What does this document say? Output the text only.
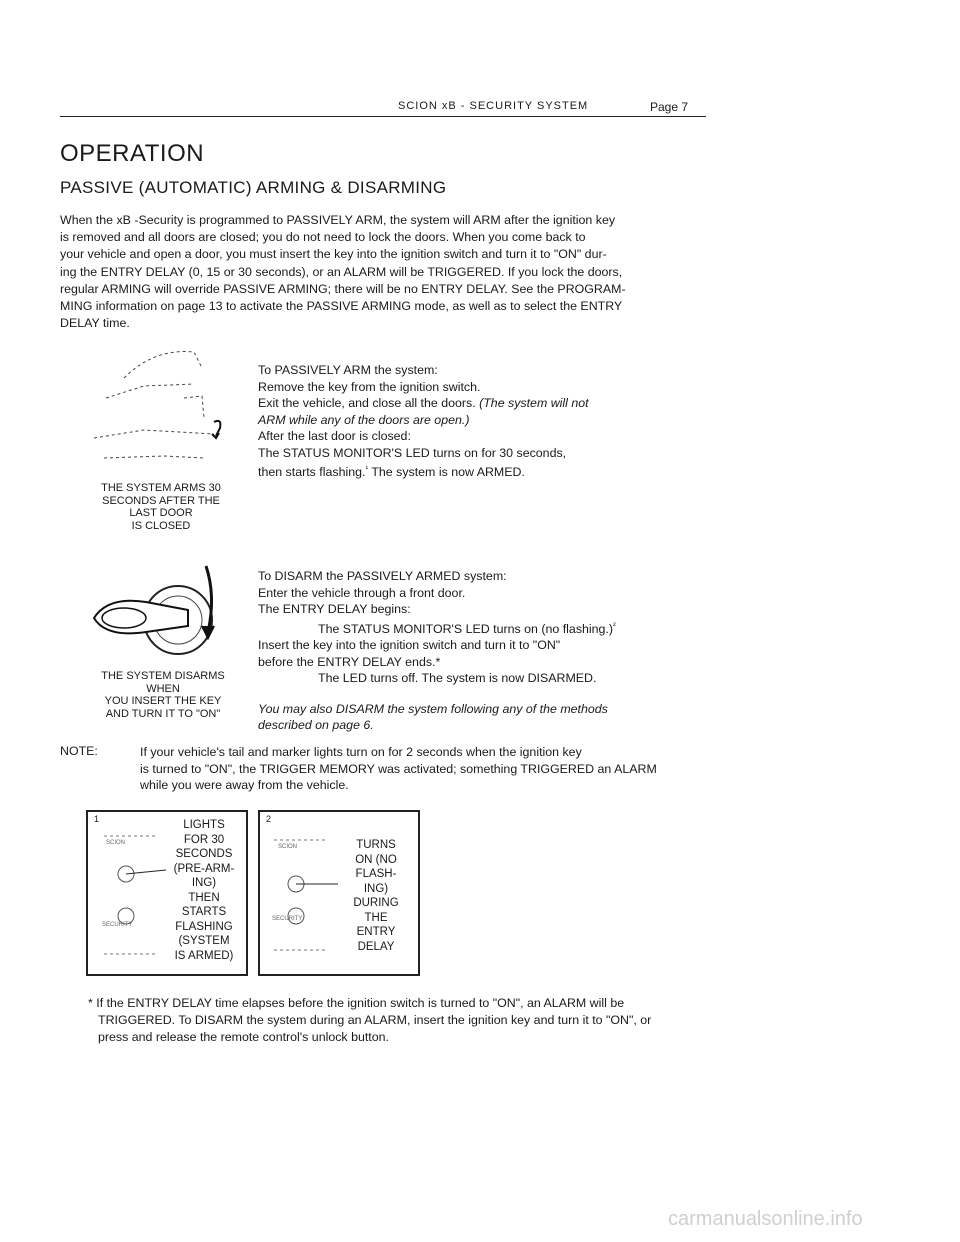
SCION xB - SECURITY SYSTEM	Page 7
OPERATION
PASSIVE (AUTOMATIC) ARMING & DISARMING
When the xB -Security is programmed to PASSIVELY ARM, the system will ARM after the ignition key
is removed and all doors are closed; you do not need to lock the doors. When you come back to
your vehicle and open a door, you must insert the key into the ignition switch and turn it to "ON" dur-
ing the ENTRY DELAY (0, 15 or 30 seconds), or an ALARM will be TRIGGERED. If you lock the doors,
regular ARMING will override PASSIVE ARMING; there will be no ENTRY DELAY. See the PROGRAM-
MING information on page 13 to activate the PASSIVE ARMING mode, as well as to select the ENTRY
DELAY time.
THE SYSTEM ARMS 30
SECONDS AFTER THE
LAST DOOR
IS CLOSED
To PASSIVELY ARM the system:
Remove the key from the ignition switch.
Exit the vehicle, and close all the doors. (The system will not
ARM while any of the doors are open.)
After the last door is closed:
The STATUS MONITOR'S LED turns on for 30 seconds,
then starts flashing.$^{^1}$ The system is now ARMED.
THE SYSTEM DISARMS
WHEN
YOU INSERT THE KEY
AND TURN IT TO "ON"
To DISARM the PASSIVELY ARMED system:
Enter the vehicle through a front door.
The ENTRY DELAY begins:
The STATUS MONITOR'S LED turns on (no flashing.)$^{^2}$
Insert the key into the ignition switch and turn it to "ON"
before the ENTRY DELAY ends.*
The LED turns off. The system is now DISARMED.
You may also DISARM the system following any of the methods
described on page 6.
NOTE:	If your vehicle's tail and marker lights turn on for 2 seconds when the ignition key
is turned to "ON", the TRIGGER MEMORY was activated; something TRIGGERED an ALARM
while you were away from the vehicle.
1
SCION
SECURITY
LIGHTS
FOR 30
SECONDS
(PRE-ARM-
ING)
THEN
STARTS
FLASHING
(SYSTEM
IS ARMED)
2
SCION
SECURITY
TURNS
ON (NO
FLASH-
ING)
DURING
THE
ENTRY
DELAY
* If the ENTRY DELAY time elapses before the ignition switch is turned to "ON", an ALARM will be
TRIGGERED. To DISARM the system during an ALARM, insert the ignition key and turn it to "ON", or
press and release the remote control's unlock button.
carmanualsonline.info
